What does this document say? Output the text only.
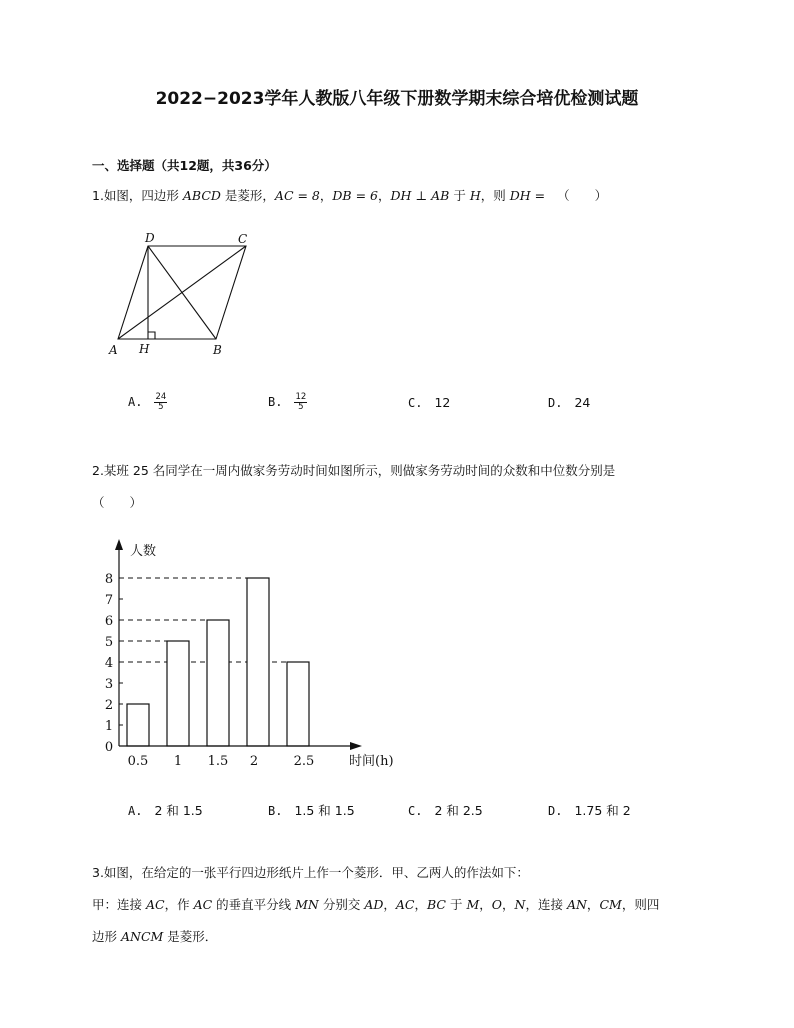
2022−2023学年人教版八年级下册数学期末综合培优检测试题
一、选择题（共12题，共36分）
1.如图，四边形 ABCD 是菱形，AC = 8，DB = 6，DH ⊥ AB 于 H，则 DH = （　　）
D	C
A H	B
A. $\frac{24}{5}$	B. $\frac{12}{5}$	C. 12	D. 24
2.某班 25 名同学在一周内做家务劳动时间如图所示，则做家务劳动时间的众数和中位数分别是
（　　）
0
1
2
3
4
5
6
7
8
0.5 1 1.5 2	2.5
人数
时间(h)
A. 2 和 1.5	B. 1.5 和 1.5	C. 2 和 2.5	D. 1.75 和 2
3.如图，在给定的一张平行四边形纸片上作一个菱形．甲、乙两人的作法如下：
甲：连接 AC，作 AC 的垂直平分线 MN 分别交 AD，AC，BC 于 M，O，N，连接 AN，CM，则四
边形 ANCM 是菱形．
